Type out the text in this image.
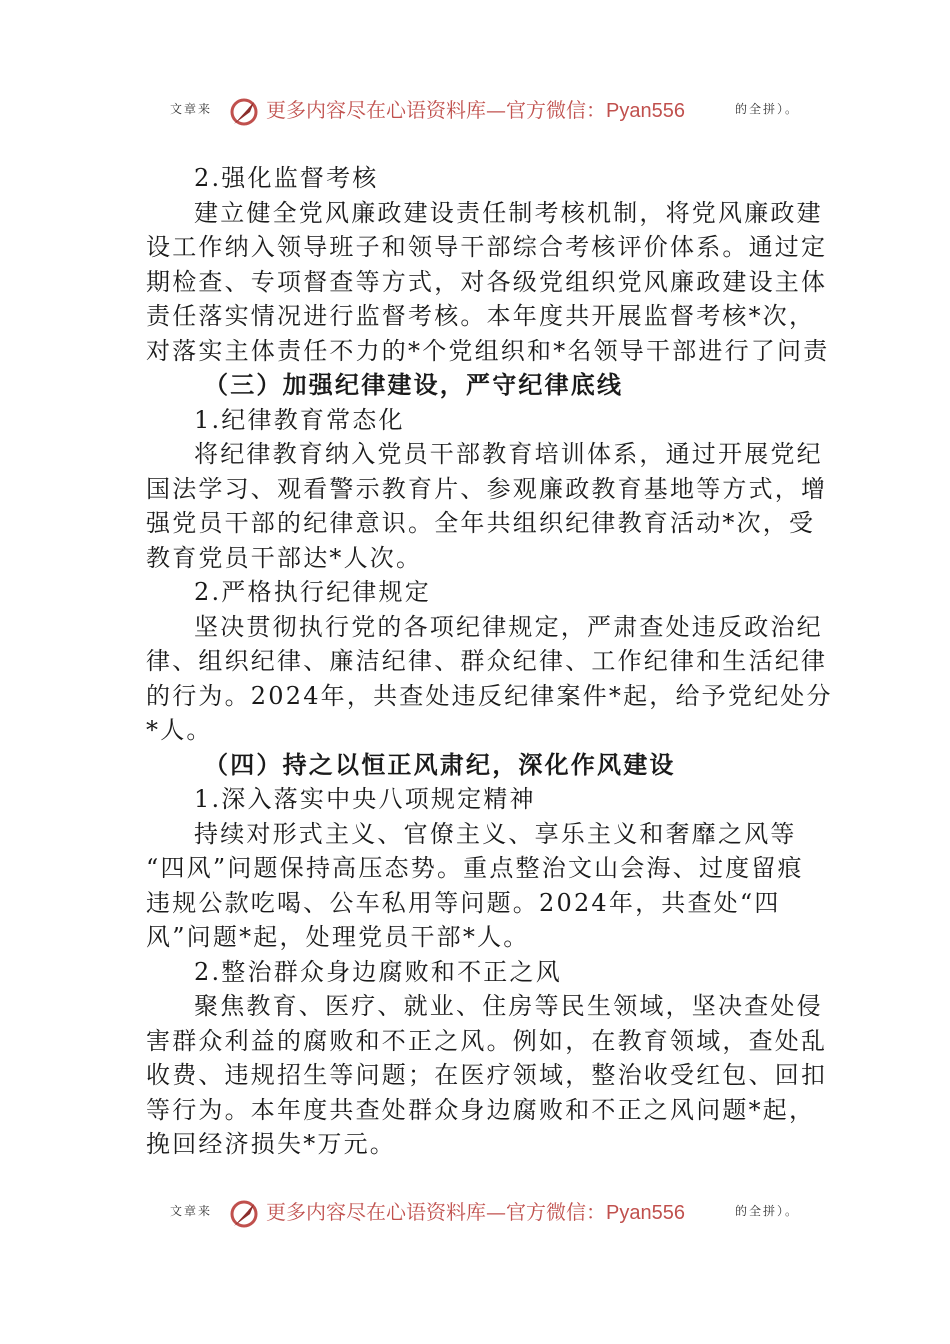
文章来	更多内容尽在心语资料库—官方微信：Pyan556	的全拼）。
2.强化监督考核
建立健全党风廉政建设责任制考核机制，将党风廉政建
设工作纳入领导班子和领导干部综合考核评价体系。通过定
期检查、专项督查等方式，对各级党组织党风廉政建设主体
责任落实情况进行监督考核。本年度共开展监督考核*次，
对落实主体责任不力的*个党组织和*名领导干部进行了问责
（三）加强纪律建设，严守纪律底线
1.纪律教育常态化
将纪律教育纳入党员干部教育培训体系，通过开展党纪
国法学习、观看警示教育片、参观廉政教育基地等方式，增
强党员干部的纪律意识。全年共组织纪律教育活动*次，受
教育党员干部达*人次。
2.严格执行纪律规定
坚决贯彻执行党的各项纪律规定，严肃查处违反政治纪
律、组织纪律、廉洁纪律、群众纪律、工作纪律和生活纪律
的行为。2024年，共查处违反纪律案件*起，给予党纪处分
*人。
（四）持之以恒正风肃纪，深化作风建设
1.深入落实中央八项规定精神
持续对形式主义、官僚主义、享乐主义和奢靡之风等
“四风”问题保持高压态势。重点整治文山会海、过度留痕
违规公款吃喝、公车私用等问题。2024年，共查处“四
风”问题*起，处理党员干部*人。
2.整治群众身边腐败和不正之风
聚焦教育、医疗、就业、住房等民生领域，坚决查处侵
害群众利益的腐败和不正之风。例如，在教育领域，查处乱
收费、违规招生等问题；在医疗领域，整治收受红包、回扣
等行为。本年度共查处群众身边腐败和不正之风问题*起，
挽回经济损失*万元。
文章来	更多内容尽在心语资料库—官方微信：Pyan556	的全拼）。
